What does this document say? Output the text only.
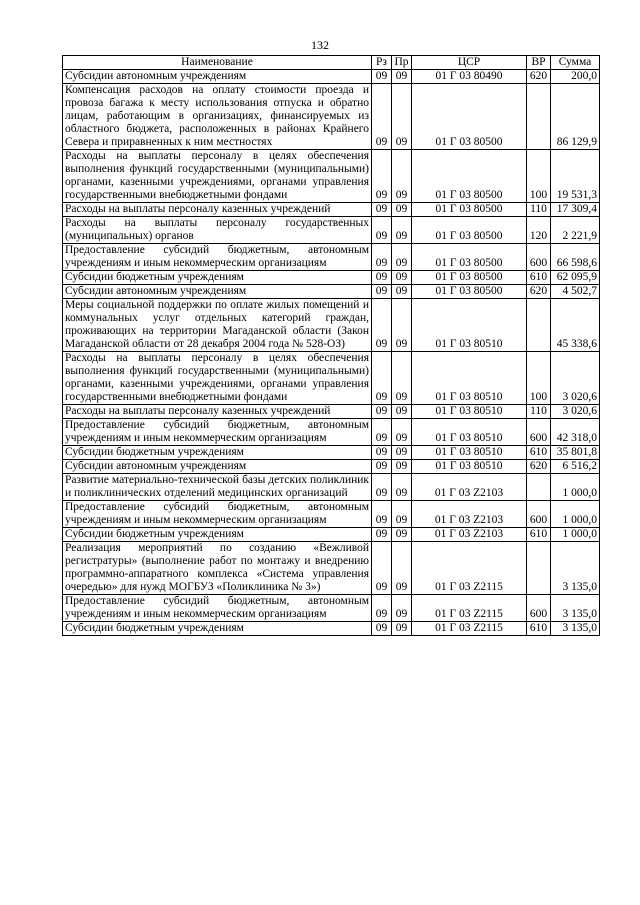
132
Наименование	Рз	Пр	ЦСР	ВР	Сумма
Субсидии автономным учреждениям	09	09	01 Г 03 80490	620	200,0
Компенсация расходов на оплату стоимости проезда и провоза багажа к месту использования отпуска и обратно лицам, работающим в организациях, финансируемых из областного бюджета, расположенных в районах Крайнего Севера и приравненных к ним местностях	09	09	01 Г 03 80500		86 129,9
Расходы на выплаты персоналу в целях обеспечения выполнения функций государственными (муниципальными) органами, казенными учреждениями, органами управления государственными внебюджетными фондами	09	09	01 Г 03 80500	100	19 531,3
Расходы на выплаты персоналу казенных учреждений	09	09	01 Г 03 80500	110	17 309,4
Расходы на выплаты персоналу государственных (муниципальных) органов	09	09	01 Г 03 80500	120	2 221,9
Предоставление субсидий бюджетным, автономным учреждениям и иным некоммерческим организациям	09	09	01 Г 03 80500	600	66 598,6
Субсидии бюджетным учреждениям	09	09	01 Г 03 80500	610	62 095,9
Субсидии автономным учреждениям	09	09	01 Г 03 80500	620	4 502,7
Меры социальной поддержки по оплате жилых помещений и коммунальных услуг отдельных категорий граждан, проживающих на территории Магаданской области (Закон Магаданской области от 28 декабря 2004 года № 528-ОЗ)	09	09	01 Г 03 80510		45 338,6
Расходы на выплаты персоналу в целях обеспечения выполнения функций государственными (муниципальными) органами, казенными учреждениями, органами управления государственными внебюджетными фондами	09	09	01 Г 03 80510	100	3 020,6
Расходы на выплаты персоналу казенных учреждений	09	09	01 Г 03 80510	110	3 020,6
Предоставление субсидий бюджетным, автономным учреждениям и иным некоммерческим организациям	09	09	01 Г 03 80510	600	42 318,0
Субсидии бюджетным учреждениям	09	09	01 Г 03 80510	610	35 801,8
Субсидии автономным учреждениям	09	09	01 Г 03 80510	620	6 516,2
Развитие материально-технической базы детских поликлиник и поликлинических отделений медицинских организаций	09	09	01 Г 03 Z2103		1 000,0
Предоставление субсидий бюджетным, автономным учреждениям и иным некоммерческим организациям	09	09	01 Г 03 Z2103	600	1 000,0
Субсидии бюджетным учреждениям	09	09	01 Г 03 Z2103	610	1 000,0
Реализация мероприятий по созданию «Вежливой регистратуры» (выполнение работ по монтажу и внедрению программно-аппаратного комплекса «Система управления очередью» для нужд МОГБУЗ «Поликлиника № 3»)	09	09	01 Г 03 Z2115		3 135,0
Предоставление субсидий бюджетным, автономным учреждениям и иным некоммерческим организациям	09	09	01 Г 03 Z2115	600	3 135,0
Субсидии бюджетным учреждениям	09	09	01 Г 03 Z2115	610	3 135,0
